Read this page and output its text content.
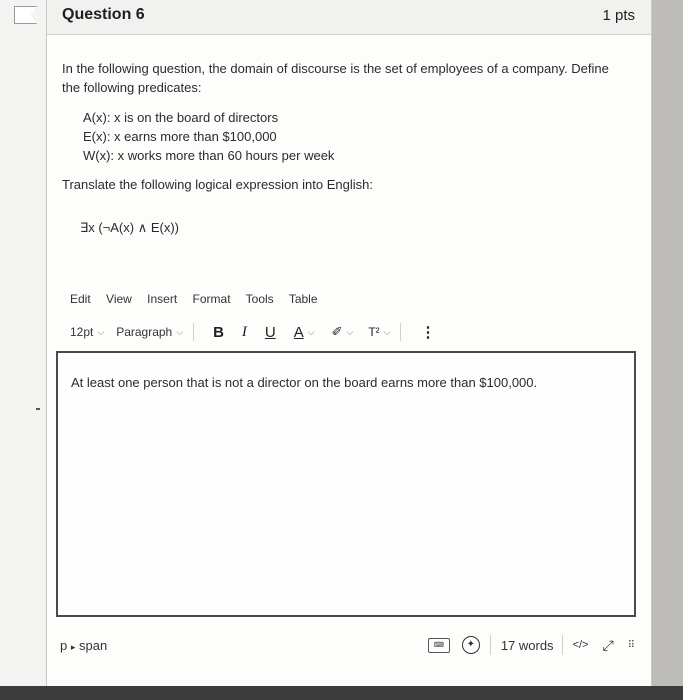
Question 6	1 pts
In the following question, the domain of discourse is the set of employees of a company. Define
the following predicates:
A(x): x is on the board of directors
E(x): x earns more than $100,000
W(x): x works more than 60 hours per week
Translate the following logical expression into English:
∃x (¬A(x) ∧ E(x))
Edit View Insert Format Tools Table
12pt ⌵ Paragraph ⌵ B I U A ⌵ ✐ ⌵ T² ⌵ ⋮
At least one person that is not a director on the board earns more than $100,000.
p ▸ span	⌨	✦	17 words </> ⤢ ⠿
